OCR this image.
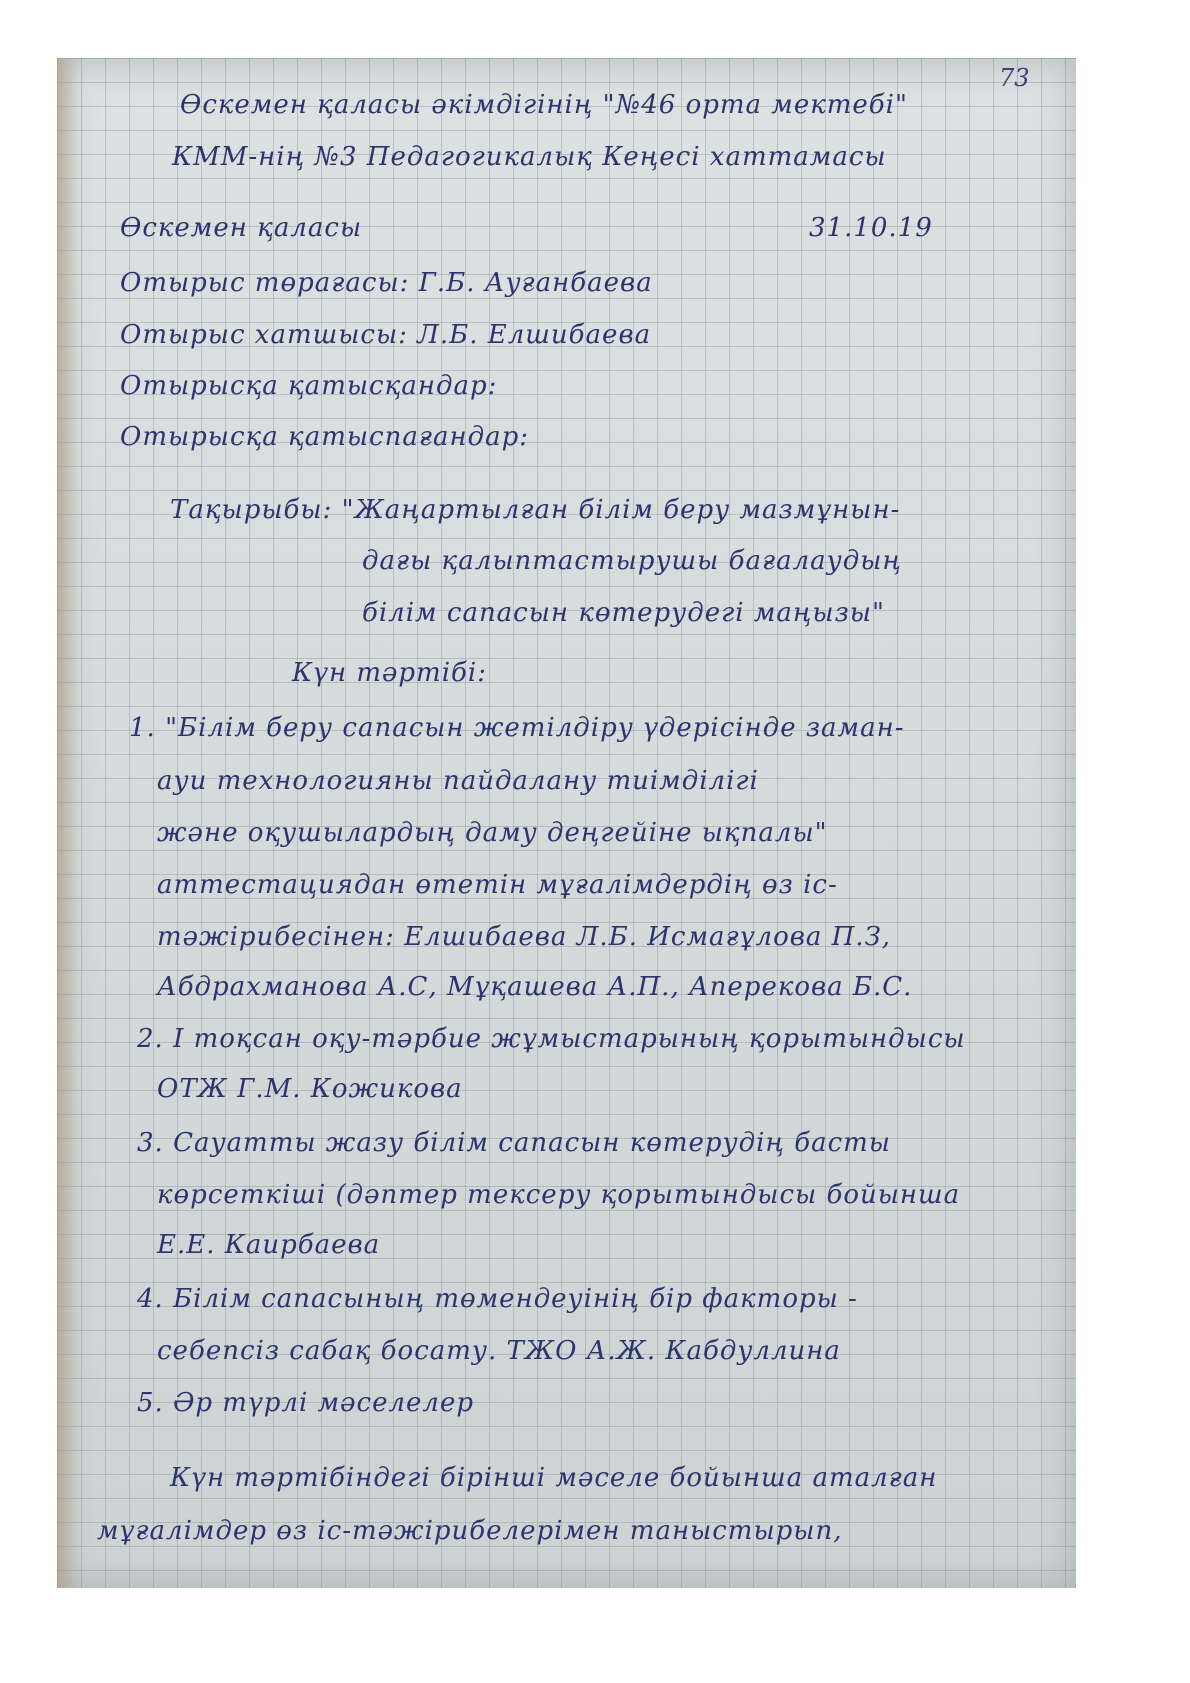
73
Өскемен қаласы әкімдігінің "№46 орта мектебі"
КММ-нің №3 Педагогикалық Кеңесі хаттамасы
Өскемен қаласы	31.10.19
Отырыс төрағасы: Г.Б. Ауғанбаева
Отырыс хатшысы: Л.Б. Елшибаева
Отырысқа қатысқандар:
Отырысқа қатыспағандар:
Тақырыбы: "Жаңартылған білім беру мазмұнын-
дағы қалыптастырушы бағалаудың
білім сапасын көтерудегі маңызы"
Күн тәртібі:
1. "Білім беру сапасын жетілдіру үдерісінде заман-
ауи технологияны пайдалану тиімділігі
және оқушылардың даму деңгейіне ықпалы"
аттестациядан өтетін мұғалімдердің өз іс-
тәжірибесінен: Елшибаева Л.Б. Исмағұлова П.З,
Абдрахманова А.С, Мұқашева А.П., Аперекова Б.С.
2. I тоқсан оқу-тәрбие жұмыстарының қорытындысы
ОТЖ Г.М. Кожикова
3. Сауатты жазу білім сапасын көтерудің басты
көрсеткіші (дәптер тексеру қорытындысы бойынша
Е.Е. Каирбаева
4. Білім сапасының төмендеуінің бір факторы -
себепсіз сабақ босату. ТЖО А.Ж. Кабдуллина
5. Әр түрлі мәселелер
Күн тәртібіндегі бірінші мәселе бойынша аталған
мұғалімдер өз іс-тәжірибелерімен таныстырып,
